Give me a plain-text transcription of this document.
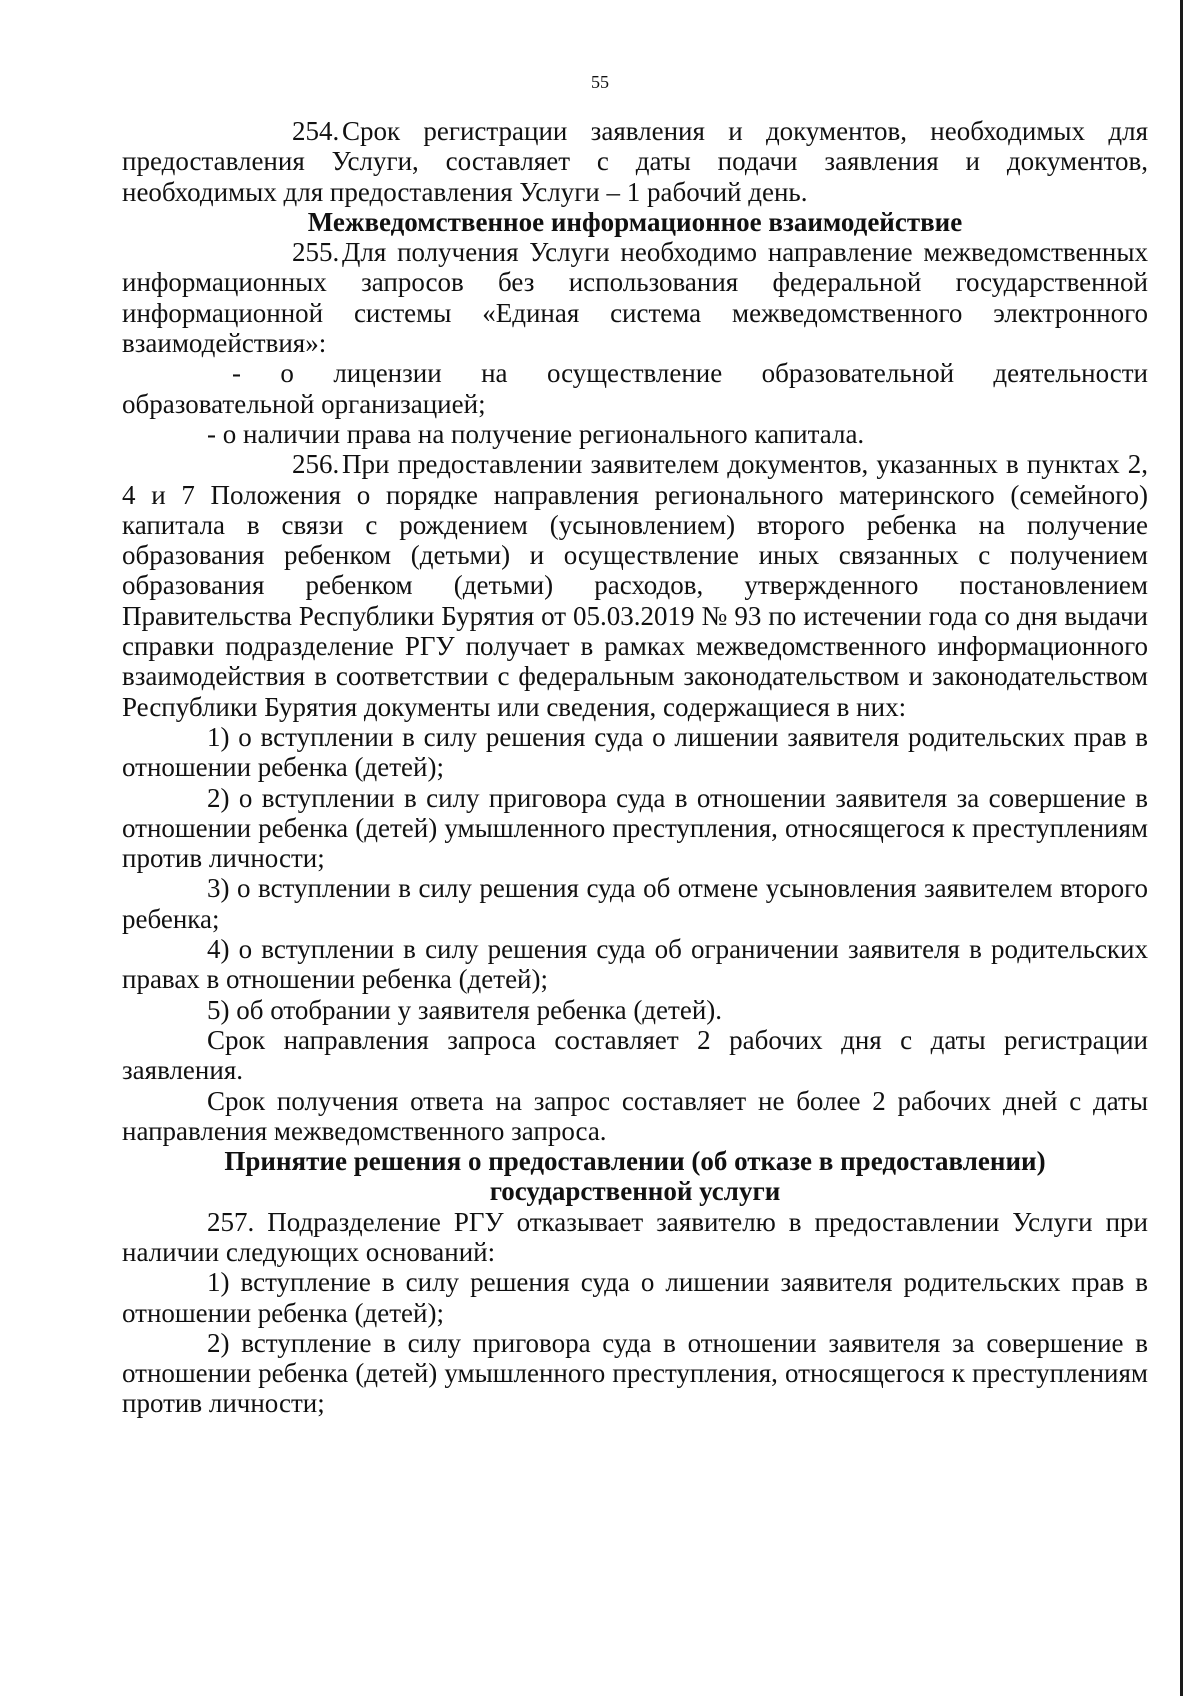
55

254. Срок регистрации заявления и документов, необходимых для предоставления Услуги, составляет с даты подачи заявления и документов, необходимых для предоставления Услуги – 1 рабочий день.

Межведомственное информационное взаимодействие

255. Для получения Услуги необходимо направление межведомственных информационных запросов без использования федеральной государственной информационной системы «Единая система межведомственного электронного взаимодействия»:

- о лицензии на осуществление образовательной деятельности образовательной организацией;

- о наличии права на получение регионального капитала.

256. При предоставлении заявителем документов, указанных в пунктах 2, 4 и 7 Положения о порядке направления регионального материнского (семейного) капитала в связи с рождением (усыновлением) второго ребенка на получение образования ребенком (детьми) и осуществление иных связанных с получением образования ребенком (детьми) расходов, утвержденного постановлением Правительства Республики Бурятия от 05.03.2019 № 93 по истечении года со дня выдачи справки подразделение РГУ получает в рамках межведомственного информационного взаимодействия в соответствии с федеральным законодательством и законодательством Республики Бурятия документы или сведения, содержащиеся в них:

1) о вступлении в силу решения суда о лишении заявителя родительских прав в отношении ребенка (детей);

2) о вступлении в силу приговора суда в отношении заявителя за совершение в отношении ребенка (детей) умышленного преступления, относящегося к преступлениям против личности;

3) о вступлении в силу решения суда об отмене усыновления заявителем второго ребенка;

4) о вступлении в силу решения суда об ограничении заявителя в родительских правах в отношении ребенка (детей);

5) об отобрании у заявителя ребенка (детей).

Срок направления запроса составляет 2 рабочих дня с даты регистрации заявления.

Срок получения ответа на запрос составляет не более 2 рабочих дней с даты направления межведомственного запроса.

Принятие решения о предоставлении (об отказе в предоставлении)
государственной услуги

257. Подразделение РГУ отказывает заявителю в предоставлении Услуги при наличии следующих оснований:

1) вступление в силу решения суда о лишении заявителя родительских прав в отношении ребенка (детей);

2) вступление в силу приговора суда в отношении заявителя за совершение в отношении ребенка (детей) умышленного преступления, относящегося к преступлениям против личности;
